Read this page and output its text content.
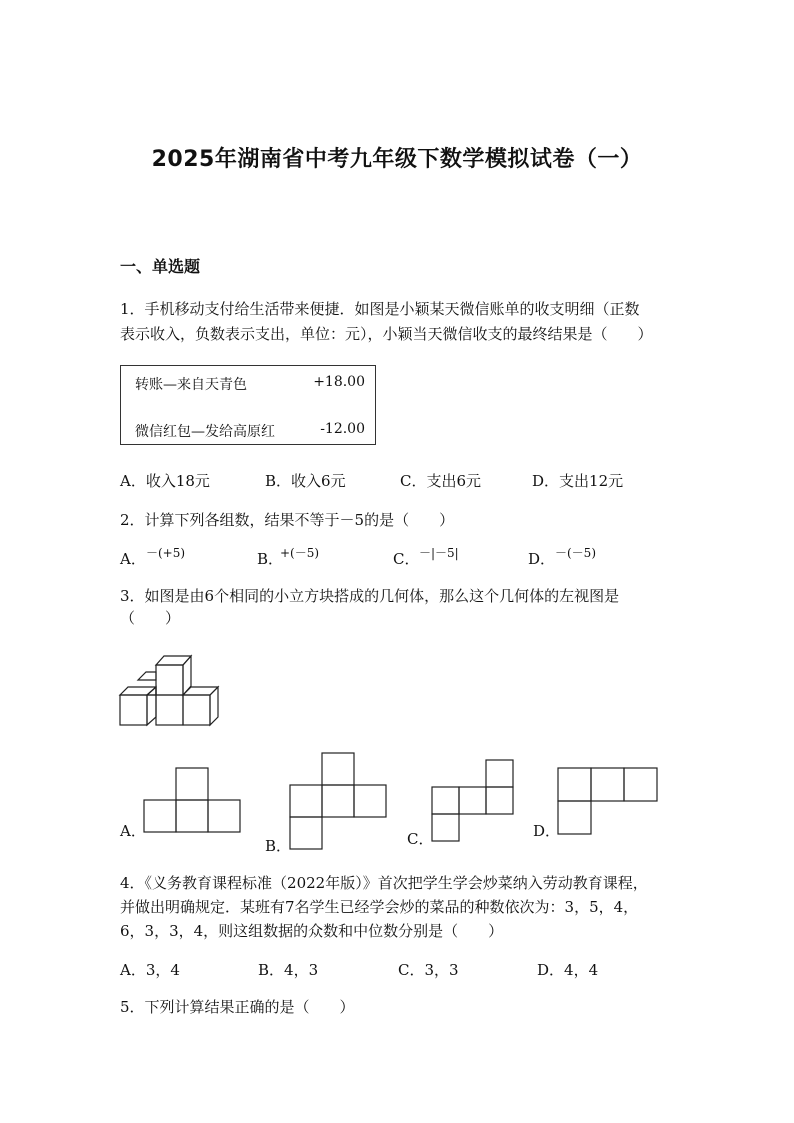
2025年湖南省中考九年级下数学模拟试卷（一）
一、单选题
1．手机移动支付给生活带来便捷．如图是小颖某天微信账单的收支明细（正数
表示收入，负数表示支出，单位：元），小颖当天微信收支的最终结果是（　　）
转账—来自天青色	+18.00
微信红包—发给高原红	-12.00
A．收入18元	B．收入6元	C．支出6元	D．支出12元
2．计算下列各组数，结果不等于－5的是（　　）
A． －(+5)	B．
+(－5)	C． －|－5|	D． －(－5)
3．如图是由6个相同的小立方块搭成的几何体，那么这个几何体的左视图是
（　　）
A．
B．	C．	D．
4．《义务教育课程标准（2022年版）》首次把学生学会炒菜纳入劳动教育课程，
并做出明确规定．某班有7名学生已经学会炒的菜品的种数依次为：3，5，4，
6，3，3，4，则这组数据的众数和中位数分别是（　　）
A．3，4	B．4，3	C．3，3	D．4，4
5．下列计算结果正确的是（　　）
